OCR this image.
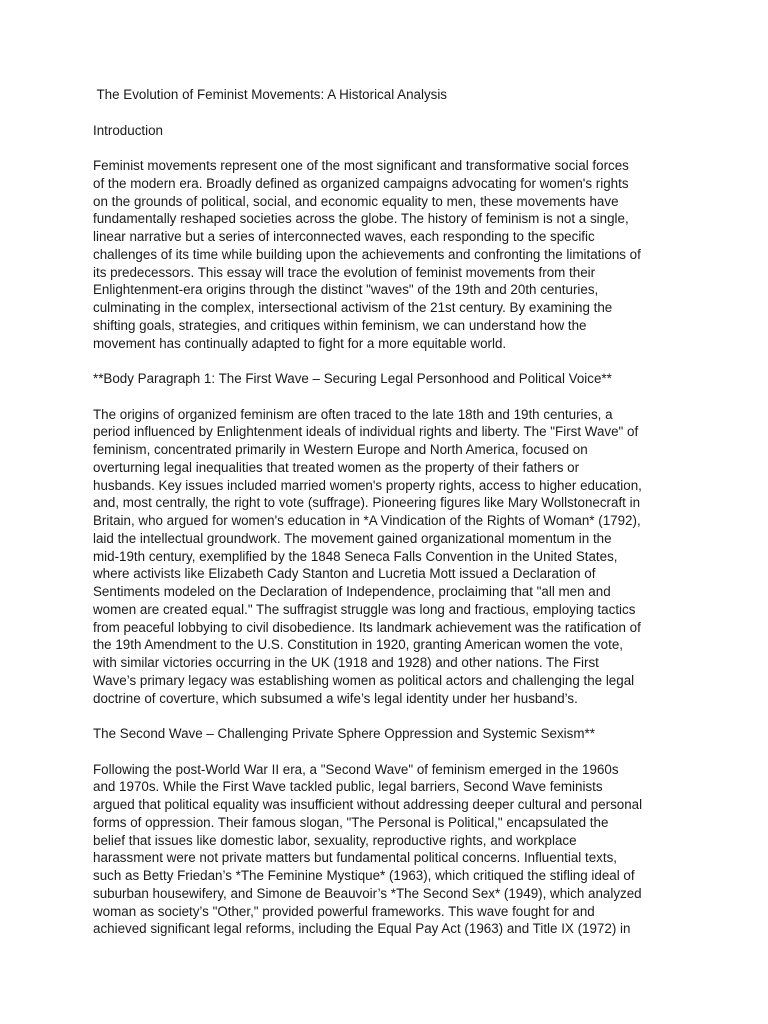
The Evolution of Feminist Movements: A Historical Analysis
Introduction
Feminist movements represent one of the most significant and transformative social forces
of the modern era. Broadly defined as organized campaigns advocating for women's rights
on the grounds of political, social, and economic equality to men, these movements have
fundamentally reshaped societies across the globe. The history of feminism is not a single,
linear narrative but a series of interconnected waves, each responding to the specific
challenges of its time while building upon the achievements and confronting the limitations of
its predecessors. This essay will trace the evolution of feminist movements from their
Enlightenment-era origins through the distinct "waves" of the 19th and 20th centuries,
culminating in the complex, intersectional activism of the 21st century. By examining the
shifting goals, strategies, and critiques within feminism, we can understand how the
movement has continually adapted to fight for a more equitable world.
**Body Paragraph 1: The First Wave – Securing Legal Personhood and Political Voice**
The origins of organized feminism are often traced to the late 18th and 19th centuries, a
period influenced by Enlightenment ideals of individual rights and liberty. The "First Wave" of
feminism, concentrated primarily in Western Europe and North America, focused on
overturning legal inequalities that treated women as the property of their fathers or
husbands. Key issues included married women's property rights, access to higher education,
and, most centrally, the right to vote (suffrage). Pioneering figures like Mary Wollstonecraft in
Britain, who argued for women's education in *A Vindication of the Rights of Woman* (1792),
laid the intellectual groundwork. The movement gained organizational momentum in the
mid-19th century, exemplified by the 1848 Seneca Falls Convention in the United States,
where activists like Elizabeth Cady Stanton and Lucretia Mott issued a Declaration of
Sentiments modeled on the Declaration of Independence, proclaiming that "all men and
women are created equal." The suffragist struggle was long and fractious, employing tactics
from peaceful lobbying to civil disobedience. Its landmark achievement was the ratification of
the 19th Amendment to the U.S. Constitution in 1920, granting American women the vote,
with similar victories occurring in the UK (1918 and 1928) and other nations. The First
Wave’s primary legacy was establishing women as political actors and challenging the legal
doctrine of coverture, which subsumed a wife’s legal identity under her husband’s.
The Second Wave – Challenging Private Sphere Oppression and Systemic Sexism**
Following the post-World War II era, a "Second Wave" of feminism emerged in the 1960s
and 1970s. While the First Wave tackled public, legal barriers, Second Wave feminists
argued that political equality was insufficient without addressing deeper cultural and personal
forms of oppression. Their famous slogan, "The Personal is Political," encapsulated the
belief that issues like domestic labor, sexuality, reproductive rights, and workplace
harassment were not private matters but fundamental political concerns. Influential texts,
such as Betty Friedan’s *The Feminine Mystique* (1963), which critiqued the stifling ideal of
suburban housewifery, and Simone de Beauvoir’s *The Second Sex* (1949), which analyzed
woman as society’s "Other," provided powerful frameworks. This wave fought for and
achieved significant legal reforms, including the Equal Pay Act (1963) and Title IX (1972) in
